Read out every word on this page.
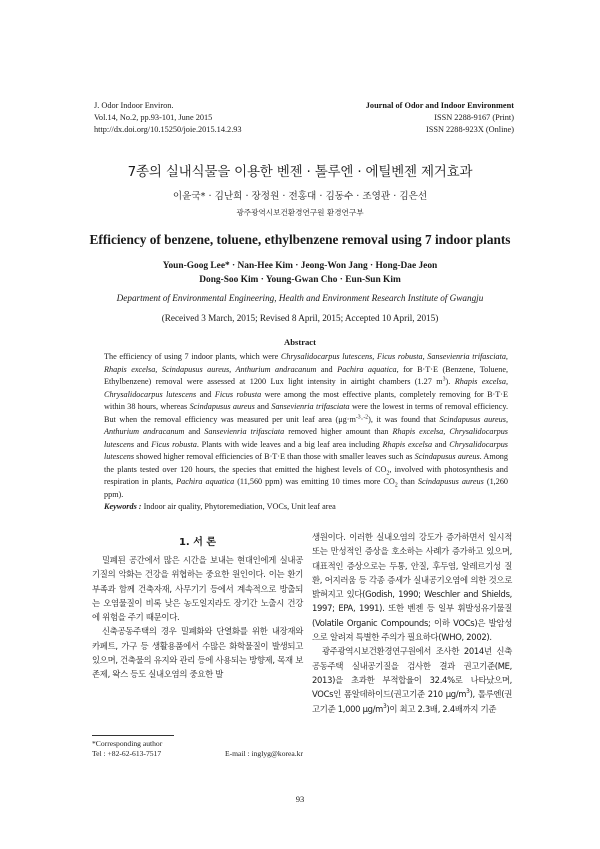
J. Odor Indoor Environ.
Vol.14, No.2, pp.93-101, June 2015
http://dx.doi.org/10.15250/joie.2015.14.2.93
Journal of Odor and Indoor Environment
ISSN 2288-9167 (Print)
ISSN 2288-923X (Online)
7종의 실내식물을 이용한 벤젠 · 톨루엔 · 에틸벤젠 제거효과
이윤국* · 김난희 · 장정원 · 전홍대 · 김동수 · 조영관 · 김은선
광주광역시보건환경연구원 환경연구부
Efficiency of benzene, toluene, ethylbenzene removal using 7 indoor plants
Youn-Goog Lee* · Nan-Hee Kim · Jeong-Won Jang · Hong-Dae Jeon
Dong-Soo Kim · Young-Gwan Cho · Eun-Sun Kim
Department of Environmental Engineering, Health and Environment Research Institute of Gwangju
(Received 3 March, 2015; Revised 8 April, 2015; Accepted 10 April, 2015)
Abstract
The efficiency of using 7 indoor plants, which were Chrysalidocarpus lutescens, Ficus robusta, Sansevienria trifasciata, Rhapis excelsa, Scindapusus aureus, Anthurium andracanum and Pachira aquatica, for B·T·E (Benzene, Toluene, Ethylbenzene) removal were assessed at 1200 Lux light intensity in airtight chambers (1.27 $m^3$). Rhapis excelsa, Chrysalidocarpus lutescens and Ficus robusta were among the most effective plants, completely removing for B·T·E within 38 hours, whereas Scindapusus aureus and Sansevienria trifasciata were the lowest in terms of removal efficiency. But when the removal efficiency was measured per unit leaf area $(\mu g\cdot m^{-3}\cdot^{-2})$, it was found that Scindapusus aureus, Anthurium andracanum and Sansevienria trifasciata removed higher amount than Rhapis excelsa, Chrysalidocarpus lutescens and Ficus robusta. Plants with wide leaves and a big leaf area including Rhapis excelsa and Chrysalidocarpus lutescens showed higher removal efficiencies of B·T·E than those with smaller leaves such as Scindapusus aureus. Among the plants tested over 120 hours, the species that emitted the highest levels of $CO_2$, involved with photosynthesis and respiration in plants, Pachira aquatica (11,560 ppm) was emitting 10 times more $CO_2$ than Scindapusus aureus (1,260 ppm).
Keywords : Indoor air quality, Phytoremediation, VOCs, Unit leaf area
1. 서 론

밀폐된 공간에서 많은 시간을 보내는 현대인에게 실내공기질의 악화는 건강을 위협하는 중요한 원인이다. 이는 환기 부족과 함께 건축자재, 사무기기 등에서 계속적으로 방출되는 오염물질이 비록 낮은 농도일지라도 장기간 노출시 건강에 위험을 주기 때문이다.

신축공동주택의 경우 밀폐화와 단열화를 위한 내장재와 카페트, 가구 등 생활용품에서 수많은 화학물질이 발생되고 있으며, 건축물의 유지와 관리 등에 사용되는 방향제, 목재 보존제, 왁스 등도 실내오염의 중요한 발

생원이다. 이러한 실내오염의 강도가 증가하면서 일시적 또는 만성적인 증상을 호소하는 사례가 증가하고 있으며, 대표적인 증상으로는 두통, 안질, 후두염, 알레르기성 질환, 어지러움 등 각종 증세가 실내공기오염에 의한 것으로 밝혀지고 있다(Godish, 1990; Weschler and Shields, 1997; EPA, 1991). 또한 벤젠 등 일부 휘발성유기물질(Volatile Organic Compounds; 이하 VOCs)은 발암성으로 알려져 특별한 주의가 필요하다(WHO, 2002).

광주광역시보건환경연구원에서 조사한 2014년 신축 공동주택 실내공기질을 검사한 결과 권고기준(ME, 2013)을 초과한 부적합율이 32.4%로 나타났으며, VOCs인 폼알데하이드(권고기준 210 $\mu g/m^3$), 톨루엔(권고기준 1,000 $\mu g/m^3$)이 최고 2.3배, 2.4배까지 기준

*Corresponding author
Tel : +82-62-613-7517	E-mail : inglyg@korea.kr
93
